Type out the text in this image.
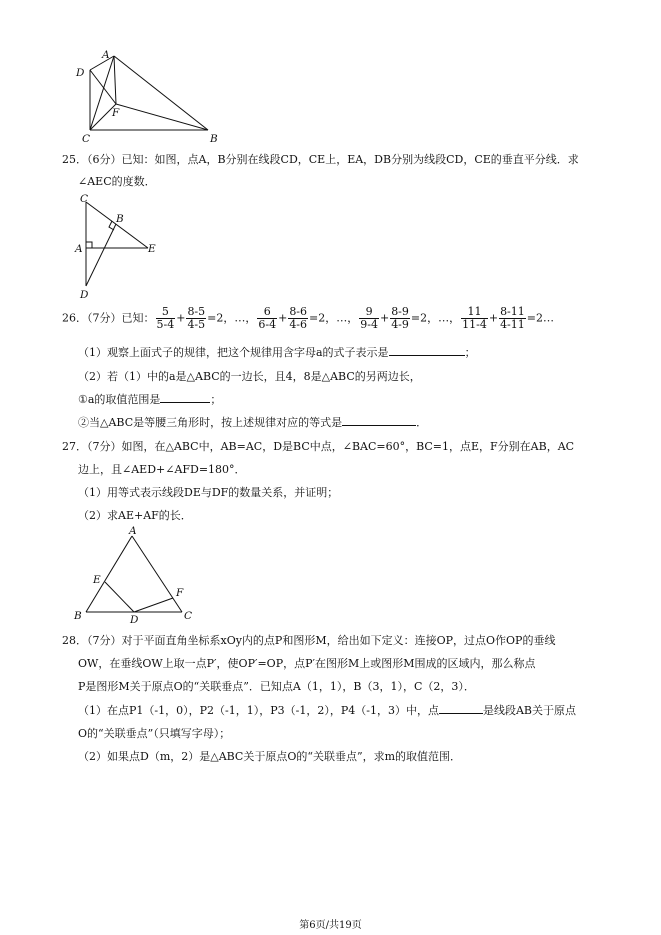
A
D
F
C	B
25．（6分）已知：如图，点A，B分别在线段CD，CE上，EA，DB分别为线段CD，CE的垂直平分线．求
∠AEC的度数．
C
B
A	E
D
26．（7分）已知： $\frac{5}{5-4} + \frac{8-5}{4-5} =2$，…， $\frac{6}{6-4} + \frac{8-6}{4-6} =2$，…， $\frac{9}{9-4} + \frac{8-9}{4-9} =2$，…， $\frac{11}{11-4} + \frac{8-11}{4-11}$ =2…
（1）观察上面式子的规律，把这个规律用含字母a的式子表示是	；
（2）若（1）中的a是△ABC的一边长，且4，8是△ABC的另两边长，
①a的取值范围是	；
②当△ABC是等腰三角形时，按上述规律对应的等式是	．
27．（7分）如图，在△ABC中，AB=AC，D是BC中点，∠BAC=60°，BC=1，点E，F分别在AB，AC
边上，且∠AED+∠AFD=180°．
（1）用等式表示线段DE与DF的数量关系，并证明；
（2）求AE+AF的长．
A
E
F
B	D	C
28．（7分）对于平面直角坐标系xOy内的点P和图形M，给出如下定义：连接OP，过点O作OP的垂线
OW，在垂线OW上取一点P′，使OP′=OP，点P′在图形M上或图形M围成的区域内，那么称点
P是图形M关于原点O的“关联垂点”．已知点A（1，1），B（3，1），C（2，3）．
（1）在点P1（-1，0），P2（-1，1），P3（-1，2），P4（-1，3）中，点	是线段AB关于原点
O的“关联垂点”（只填写字母）；
（2）如果点D（m，2）是△ABC关于原点O的“关联垂点”，求m的取值范围．
第6页/共19页
